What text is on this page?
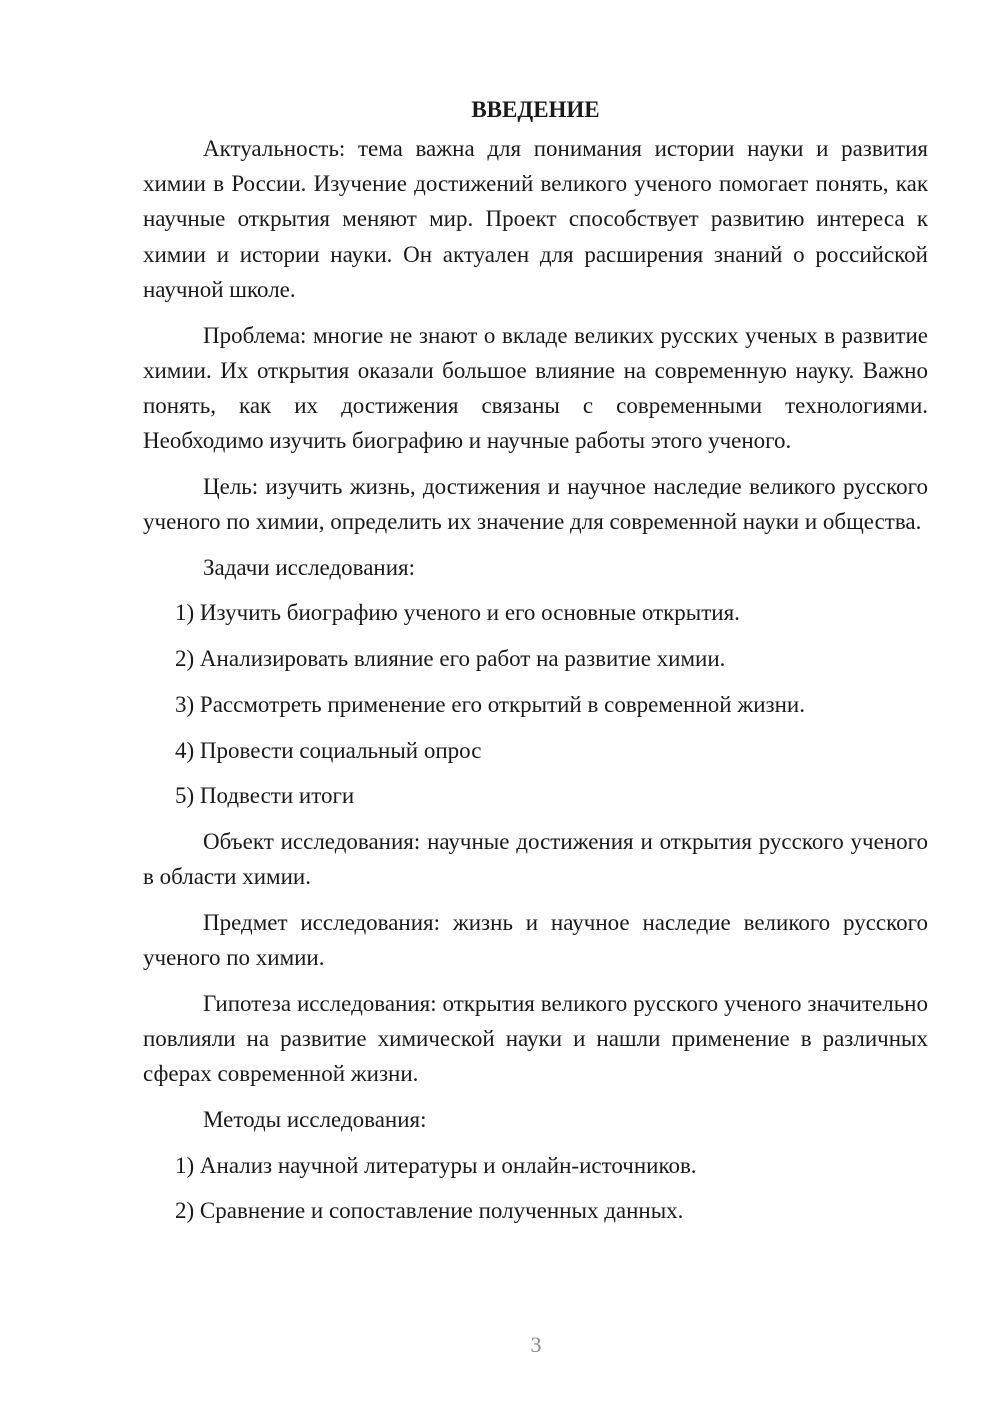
ВВЕДЕНИЕ

Актуальность: тема важна для понимания истории науки и развития химии в России. Изучение достижений великого ученого помогает понять, как научные открытия меняют мир. Проект способствует развитию интереса к химии и истории науки. Он актуален для расширения знаний о российской научной школе.

Проблема: многие не знают о вкладе великих русских ученых в развитие химии. Их открытия оказали большое влияние на современную науку. Важно понять, как их достижения связаны с современными технологиями. Необходимо изучить биографию и научные работы этого ученого.

Цель: изучить жизнь, достижения и научное наследие великого русского ученого по химии, определить их значение для современной науки и общества.

Задачи исследования:

1) Изучить биографию ученого и его основные открытия.

2) Анализировать влияние его работ на развитие химии.

3) Рассмотреть применение его открытий в современной жизни.

4) Провести социальный опрос

5) Подвести итоги

Объект исследования: научные достижения и открытия русского ученого в области химии.

Предмет исследования: жизнь и научное наследие великого русского ученого по химии.

Гипотеза исследования: открытия великого русского ученого значительно повлияли на развитие химической науки и нашли применение в различных сферах современной жизни.

Методы исследования:

1) Анализ научной литературы и онлайн-источников.

2) Сравнение и сопоставление полученных данных.

3
